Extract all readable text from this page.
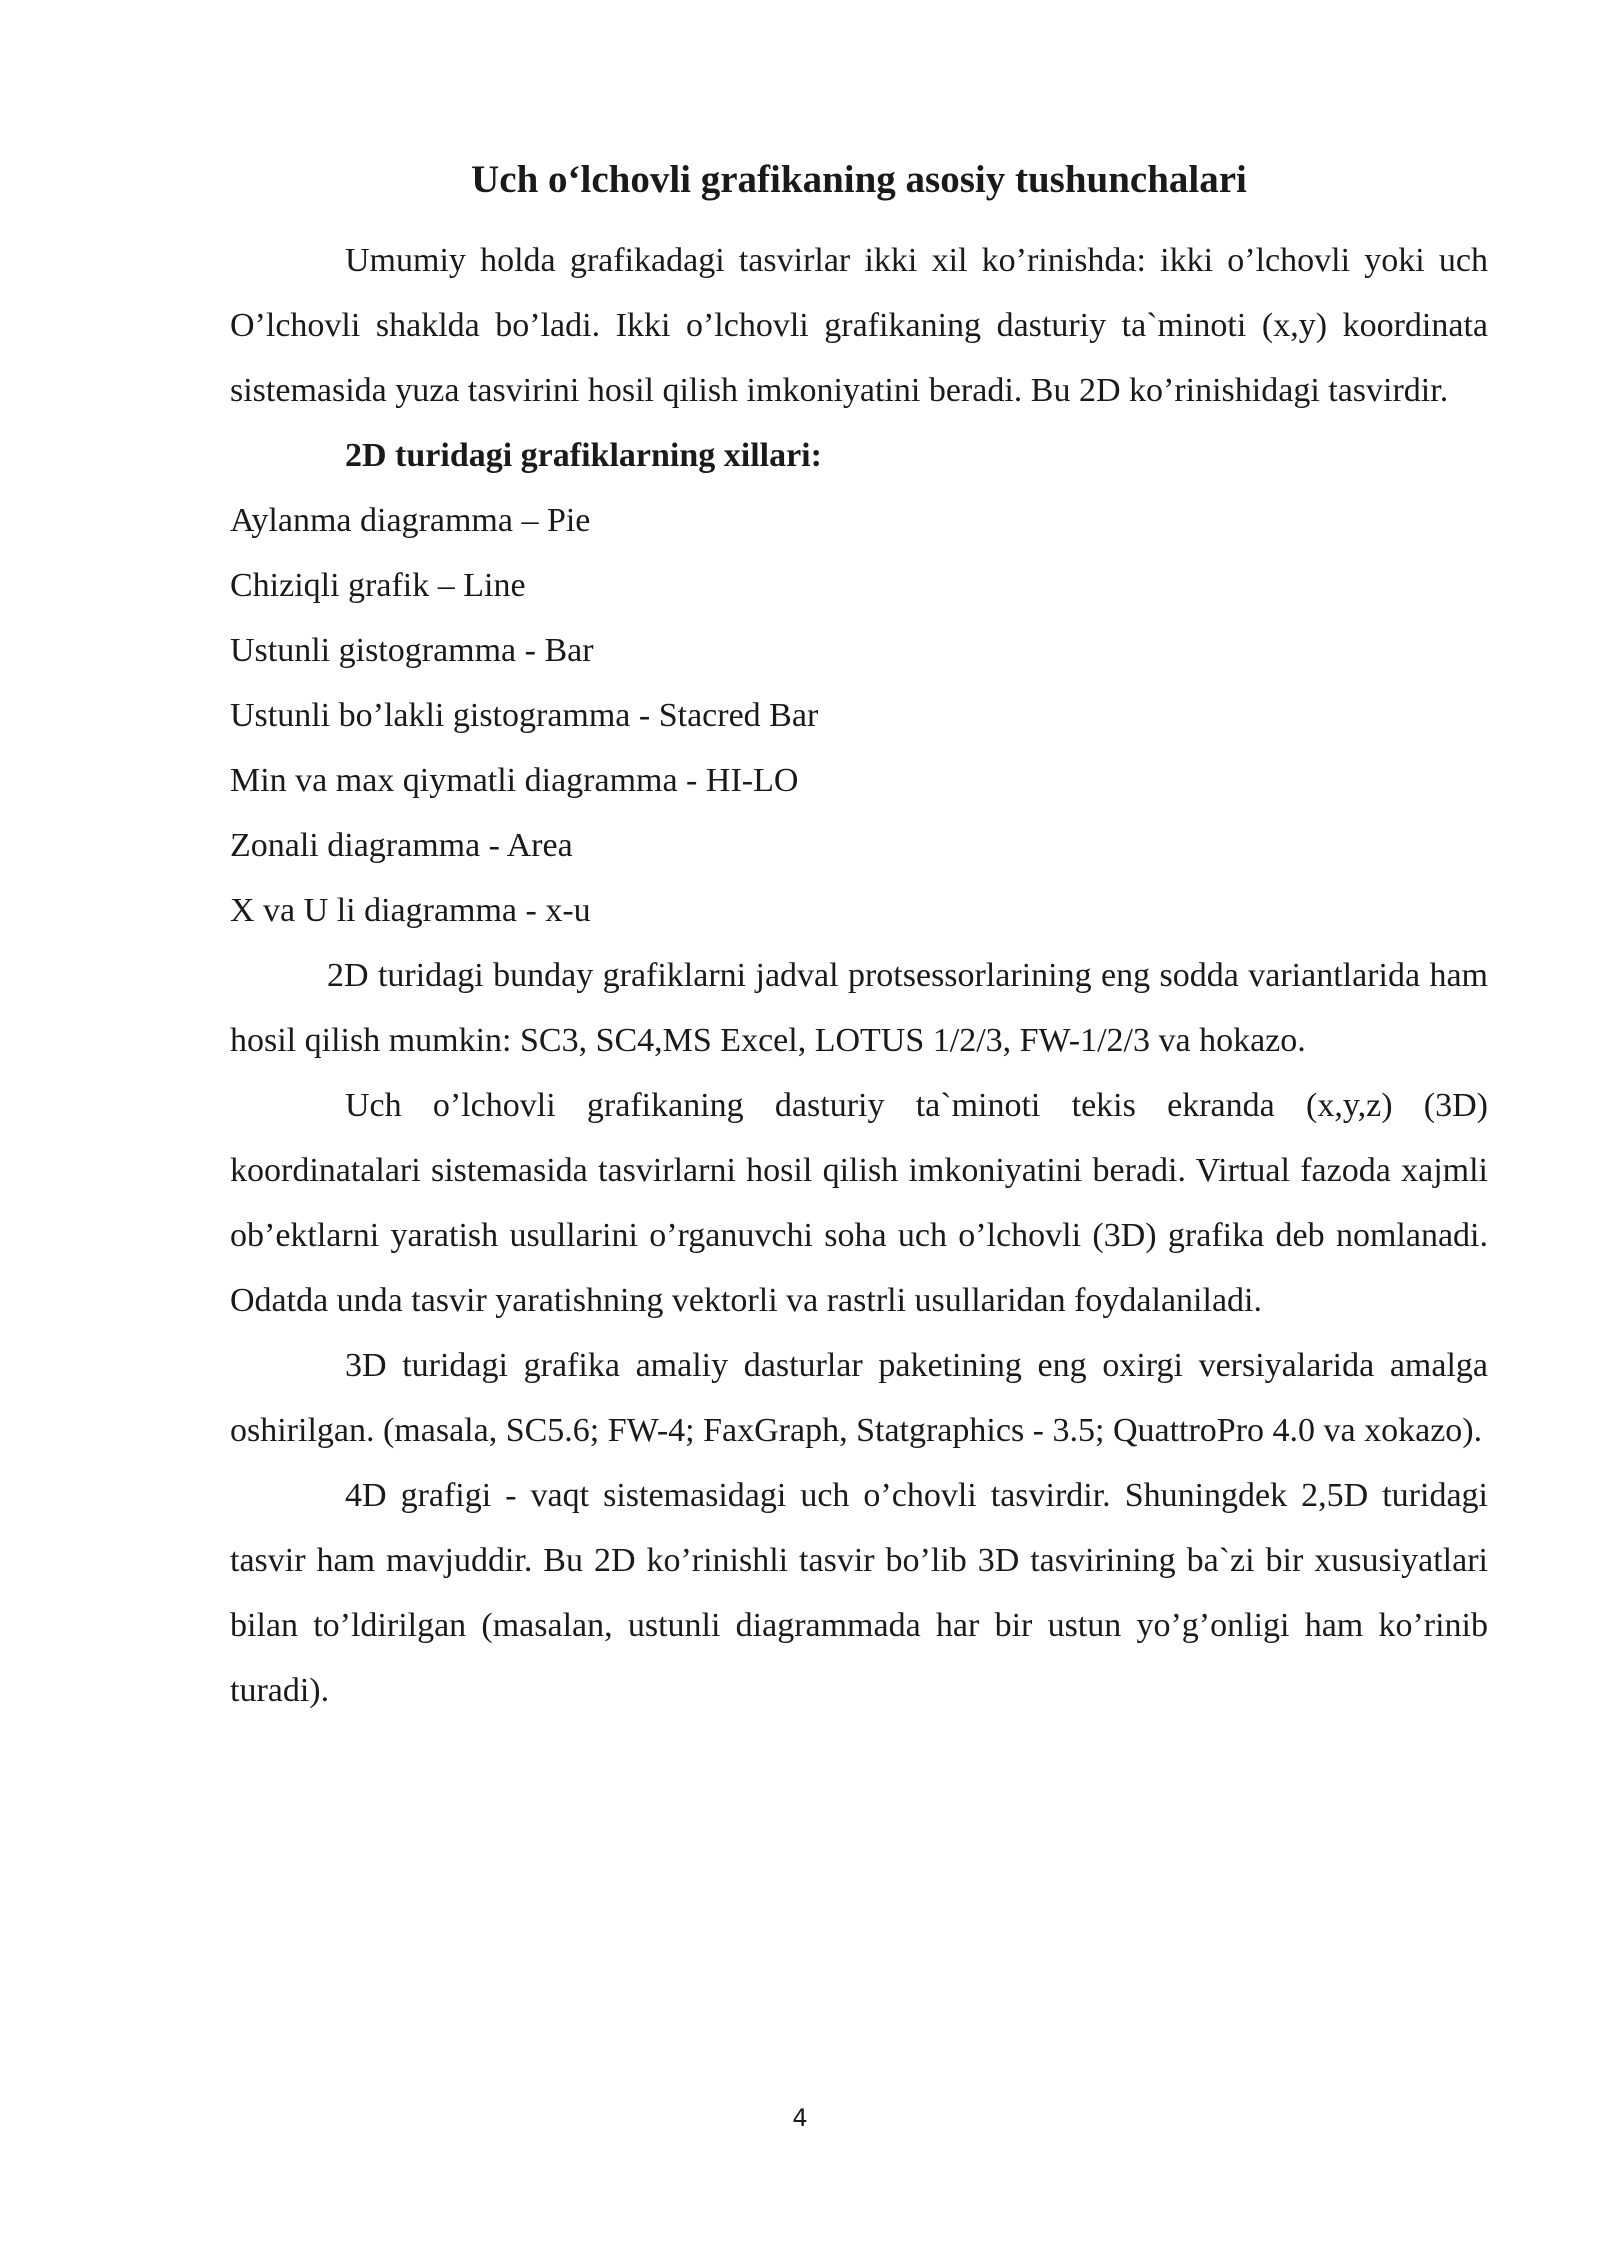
Uch o‘lchovli grafikaning asosiy tushunchalari

Umumiy holda grafikadagi tasvirlar ikki xil ko’rinishda: ikki o’lchovli yoki uch O’lchovli shaklda bo’ladi. Ikki o’lchovli grafikaning dasturiy ta`minoti (x,y) koordinata sistemasida yuza tasvirini hosil qilish imkoniyatini beradi. Bu 2D ko’rinishidagi tasvirdir.

2D turidagi grafiklarning xillari:

Aylanma diagramma – Pie
Chiziqli grafik – Line
Ustunli gistogramma - Bar
Ustunli bo’lakli gistogramma - Stacred Bar
Min va max qiymatli diagramma - HI-LO
Zonali diagramma - Area
X va U li diagramma - x-u

2D turidagi bunday grafiklarni jadval protsessorlarining eng sodda variantlarida ham hosil qilish mumkin: SC3, SC4,MS Excel, LOTUS 1/2/3, FW-1/2/3 va hokazo.

Uch o’lchovli grafikaning dasturiy ta`minoti tekis ekranda (x,y,z) (3D) koordinatalari sistemasida tasvirlarni hosil qilish imkoniyatini beradi. Virtual fazoda xajmli ob’ektlarni yaratish usullarini o’rganuvchi soha uch o’lchovli (3D) grafika deb nomlanadi. Odatda unda tasvir yaratishning vektorli va rastrli usullaridan foydalaniladi.

3D turidagi grafika amaliy dasturlar paketining eng oxirgi versiyalarida amalga oshirilgan. (masala, SC5.6; FW-4; FaxGraph, Statgraphics - 3.5; QuattroPro 4.0 va xokazo).

4D grafigi - vaqt sistemasidagi uch o’chovli tasvirdir. Shuningdek 2,5D turidagi tasvir ham mavjuddir. Bu 2D ko’rinishli tasvir bo’lib 3D tasvirining ba`zi bir xususiyatlari bilan to’ldirilgan (masalan, ustunli diagrammada har bir ustun yo’g’onligi ham ko’rinib turadi).

4
